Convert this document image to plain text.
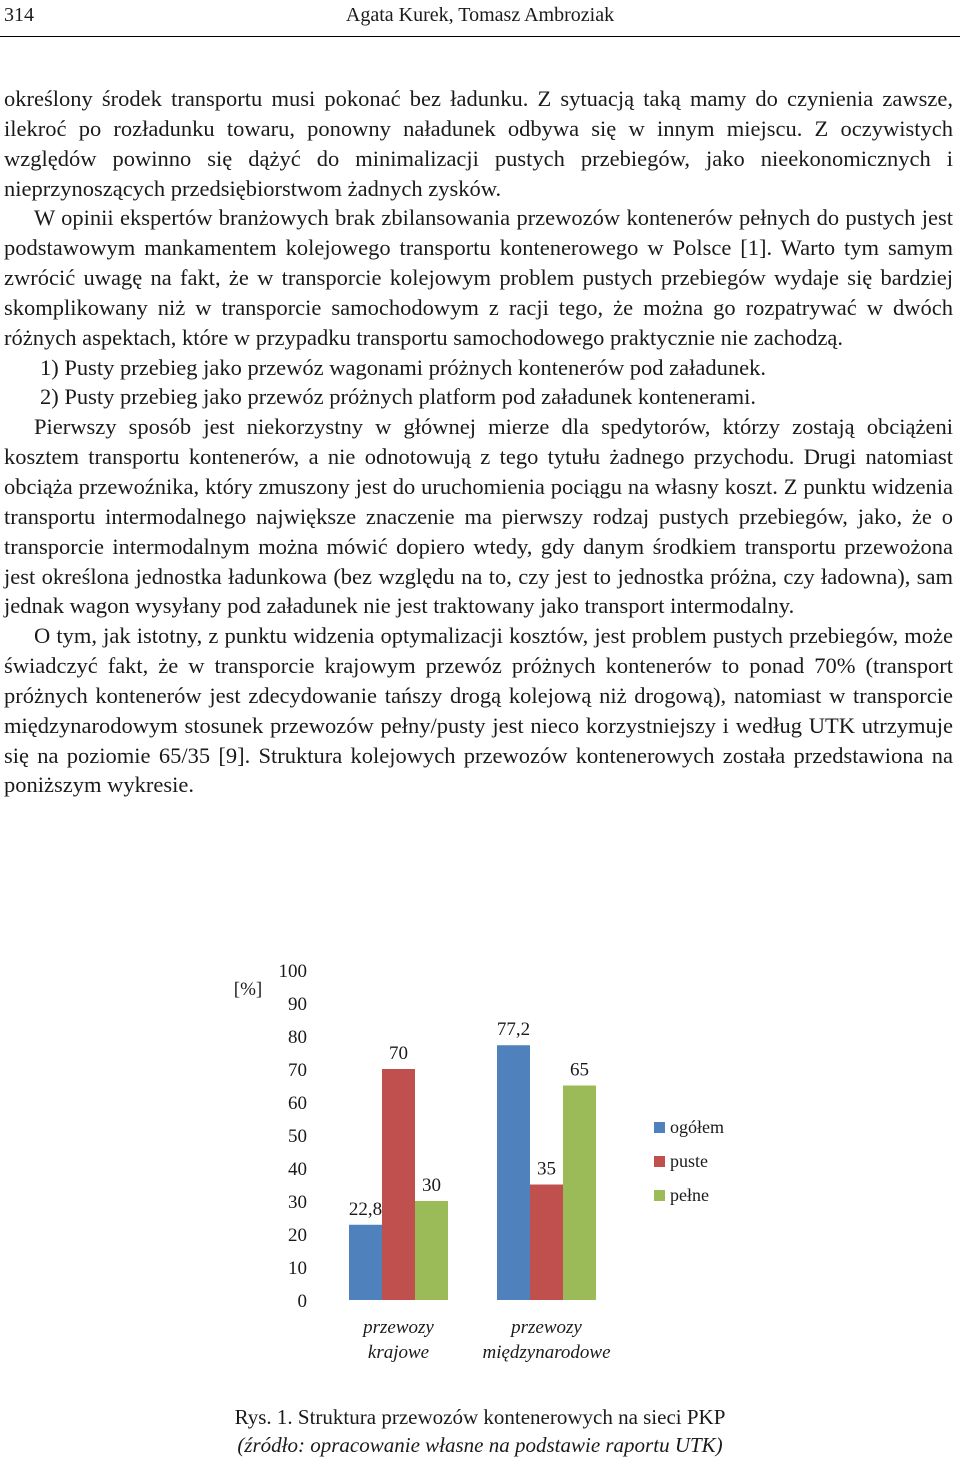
314	Agata Kurek, Tomasz Ambroziak

określony środek transportu musi pokonać bez ładunku. Z sytuacją taką mamy do czynienia zawsze, ilekroć po rozładunku towaru, ponowny naładunek odbywa się w innym miejscu. Z oczywistych względów powinno się dążyć do minimalizacji pustych przebiegów, jako nieekonomicznych i nieprzynoszących przedsiębiorstwom żadnych zysków.

W opinii ekspertów branżowych brak zbilansowania przewozów kontenerów pełnych do pustych jest podstawowym mankamentem kolejowego transportu kontenerowego w Polsce [1]. Warto tym samym zwrócić uwagę na fakt, że w transporcie kolejowym problem pustych przebiegów wydaje się bardziej skomplikowany niż w transporcie samochodowym z racji tego, że można go rozpatrywać w dwóch różnych aspektach, które w przypadku transportu samochodowego praktycznie nie zachodzą.

1) Pusty przebieg jako przewóz wagonami próżnych kontenerów pod załadunek.

2) Pusty przebieg jako przewóz próżnych platform pod załadunek kontenerami.

Pierwszy sposób jest niekorzystny w głównej mierze dla spedytorów, którzy zostają obciążeni kosztem transportu kontenerów, a nie odnotowują z tego tytułu żadnego przychodu. Drugi natomiast obciąża przewoźnika, który zmuszony jest do uruchomienia pociągu na własny koszt. Z punktu widzenia transportu intermodalnego największe znaczenie ma pierwszy rodzaj pustych przebiegów, jako, że o transporcie intermodalnym można mówić dopiero wtedy, gdy danym środkiem transportu przewożona jest określona jednostka ładunkowa (bez względu na to, czy jest to jednostka próżna, czy ładowna), sam jednak wagon wysyłany pod załadunek nie jest traktowany jako transport intermodalny.

O tym, jak istotny, z punktu widzenia optymalizacji kosztów, jest problem pustych przebiegów, może świadczyć fakt, że w transporcie krajowym przewóz próżnych kontenerów to ponad 70% (transport próżnych kontenerów jest zdecydowanie tańszy drogą kolejową niż drogową), natomiast w transporcie międzynarodowym stosunek przewozów pełny/pusty jest nieco korzystniejszy i według UTK utrzymuje się na poziomie 65/35 [9]. Struktura kolejowych przewozów kontenerowych została przedstawiona na poniższym wykresie.

[%]
0
10
20
30
40
50
60
70
80
90
100
22,8
77,2
70
35
30
65
przewozy
krajowe
przewozy
międzynarodowe
ogółem
puste
pełne
Rys. 1. Struktura przewozów kontenerowych na sieci PKP
(źródło: opracowanie własne na podstawie raportu UTK)
